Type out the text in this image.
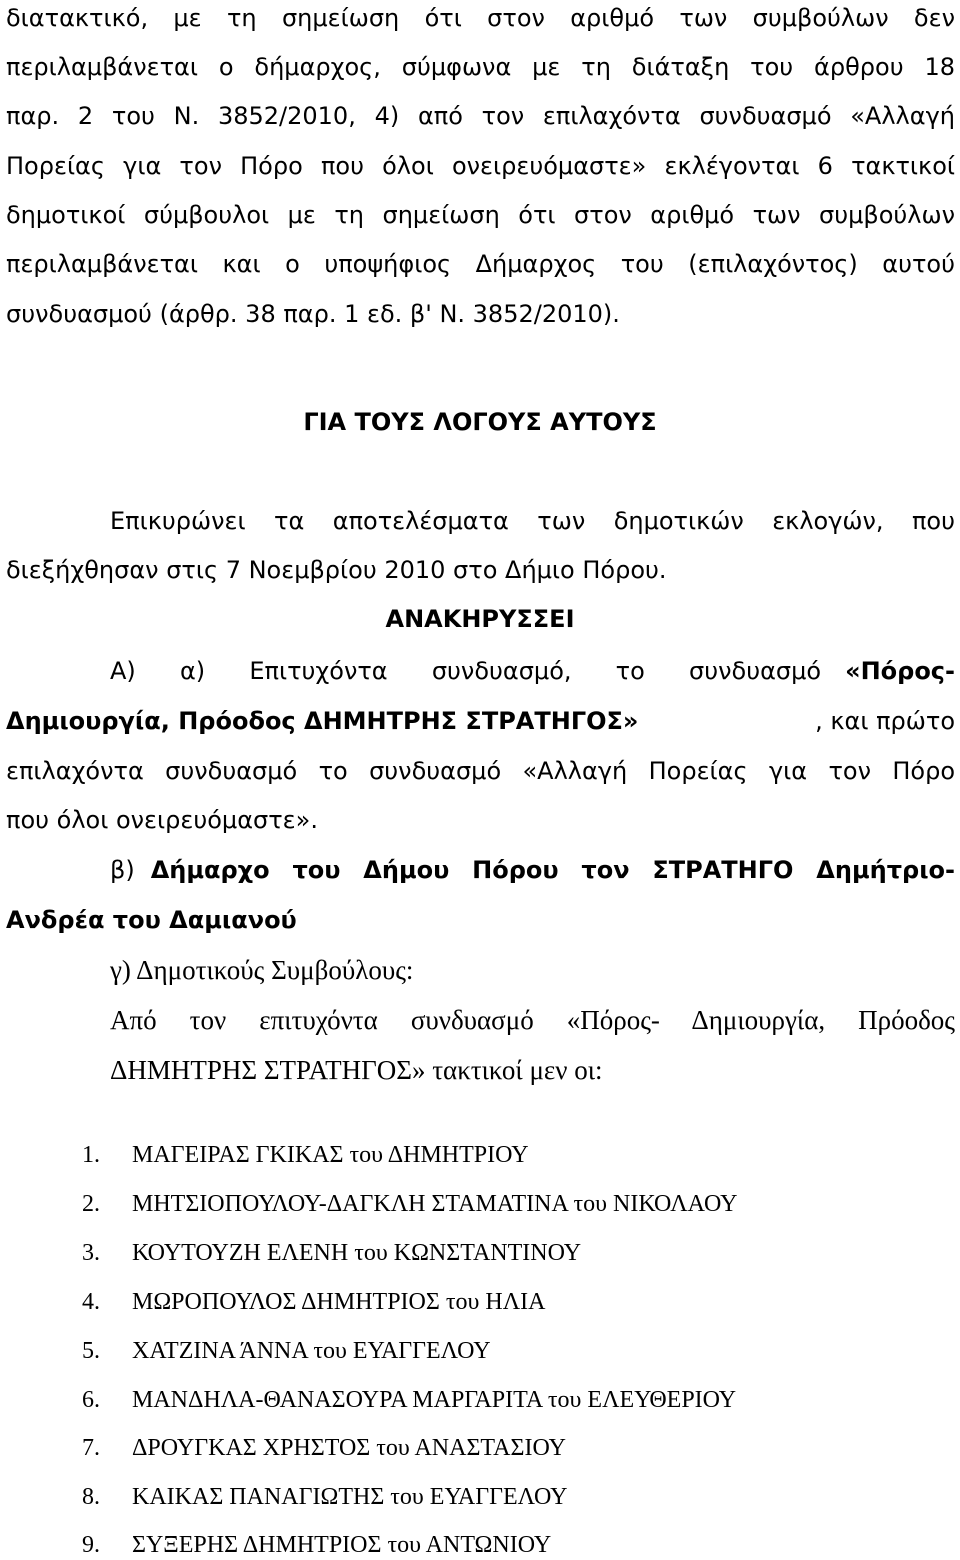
διατακτικό, με τη σημείωση ότι στον αριθμό των συμβούλων δεν

περιλαμβάνεται ο δήμαρχος, σύμφωνα με τη διάταξη του άρθρου 18

παρ. 2 του Ν. 3852/2010, 4) από τον επιλαχόντα συνδυασμό «Αλλαγή

Πορείας για τον Πόρο που όλοι ονειρευόμαστε» εκλέγονται 6 τακτικοί

δημοτικοί σύμβουλοι με τη σημείωση ότι στον αριθμό των συμβούλων

περιλαμβάνεται και ο υποψήφιος Δήμαρχος του (επιλαχόντος) αυτού

συνδυασμού (άρθρ. 38 παρ. 1 εδ. β' Ν. 3852/2010).

ΓΙΑ ΤΟΥΣ ΛΟΓΟΥΣ ΑΥΤΟΥΣ

Επικυρώνει τα αποτελέσματα των δημοτικών εκλογών, που

διεξήχθησαν στις 7 Νοεμβρίου 2010 στο Δήμιο Πόρου.

ΑΝΑΚΗΡΥΣΣΕΙ

Α) α) Επιτυχόντα συνδυασμό, το συνδυασμό «Πόρος-
Δημιουργία, Πρόοδος ΔΗΜΗΤΡΗΣ ΣΤΡΑΤΗΓΟΣ»	, και πρώτο

επιλαχόντα συνδυασμό το συνδυασμό «Αλλαγή Πορείας για τον Πόρο

που όλοι ονειρευόμαστε».

β) Δήμαρχο του Δήμου Πόρου τον ΣΤΡΑΤΗΓΟ Δημήτριο-

Ανδρέα του Δαμιανού

γ) Δημοτικούς Συμβούλους:

Από τον επιτυχόντα συνδυασμό «Πόρος- Δημιουργία, Πρόοδος

ΔΗΜΗΤΡΗΣ ΣΤΡΑΤΗΓΟΣ» τακτικοί μεν οι:

1. ΜΑΓΕΙΡΑΣ ΓΚΙΚΑΣ του ΔΗΜΗΤΡΙΟΥ
2. ΜΗΤΣΙΟΠΟΥΛΟΥ-ΔΑΓΚΛΗ ΣΤΑΜΑΤΙΝΑ του ΝΙΚΟΛΑΟΥ
3. ΚΟΥΤΟΥΖΗ ΕΛΕΝΗ του ΚΩΝΣΤΑΝΤΙΝΟΥ
4. ΜΩΡΟΠΟΥΛΟΣ ΔΗΜΗΤΡΙΟΣ του ΗΛΙΑ
5. ΧΑΤΖΙΝΑ ΆΝΝΑ του ΕΥΑΓΓΕΛΟΥ
6. ΜΑΝΔΗΛΑ-ΘΑΝΑΣΟΥΡΑ ΜΑΡΓΑΡΙΤΑ του ΕΛΕΥΘΕΡΙΟΥ
7. ΔΡΟΥΓΚΑΣ ΧΡΗΣΤΟΣ του ΑΝΑΣΤΑΣΙΟΥ
8. ΚΑΙΚΑΣ ΠΑΝΑΓΙΩΤΗΣ του ΕΥΑΓΓΕΛΟΥ
9. ΣΥΞΕΡΗΣ ΔΗΜΗΤΡΙΟΣ του ΑΝΤΩΝΙΟΥ
